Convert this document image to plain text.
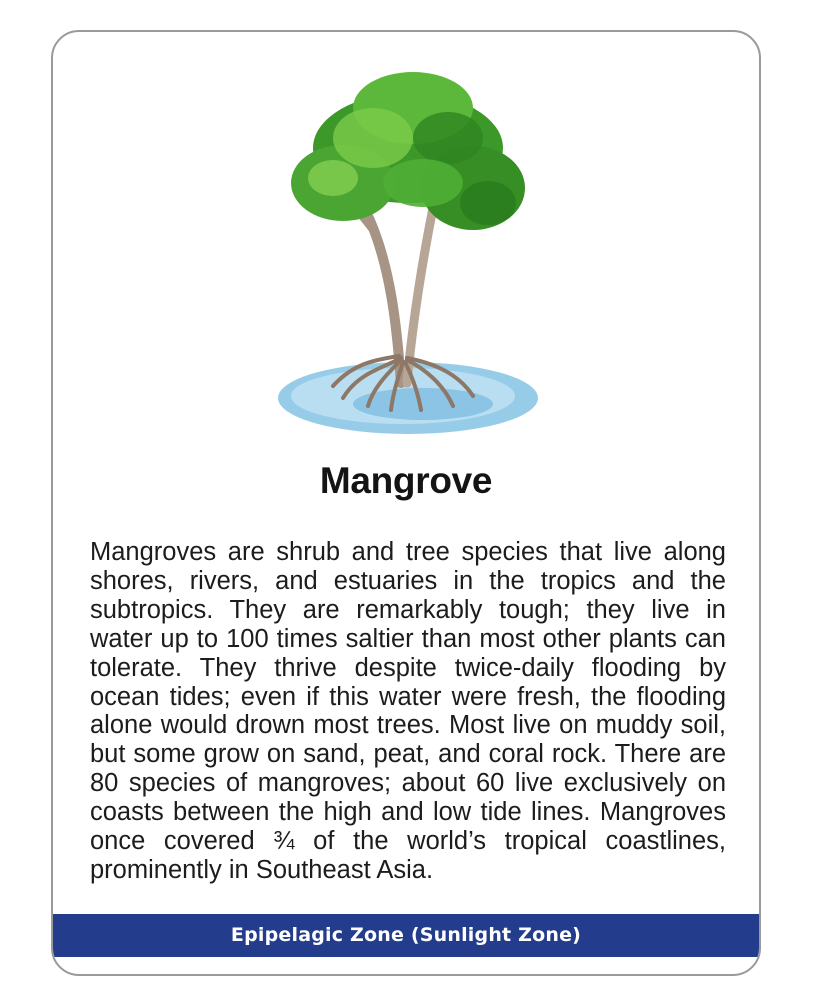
Mangrove

Mangroves are shrub and tree species that live along shores, rivers, and estuaries in the tropics and the subtropics. They are remarkably tough; they live in water up to 100 times saltier than most other plants can tolerate. They thrive despite twice-daily flooding by ocean tides; even if this water were fresh, the flooding alone would drown most trees. Most live on muddy soil, but some grow on sand, peat, and coral rock. There are 80 species of mangroves; about 60 live exclusively on coasts between the high and low tide lines. Mangroves once covered ¾ of the world’s tropical coastlines, prominently in Southeast Asia.

Epipelagic Zone (Sunlight Zone)
